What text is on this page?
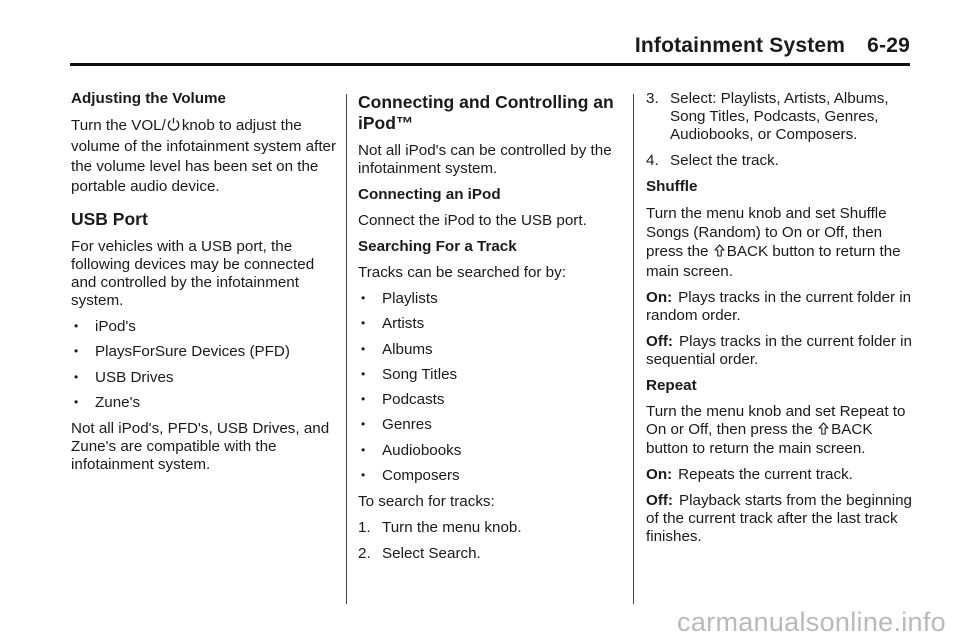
Infotainment System 6-29

Adjusting the Volume

Turn the VOL/ knob to adjust the volume of the infotainment system after the volume level has been set on the portable audio device.

USB Port

For vehicles with a USB port, the following devices may be connected and controlled by the infotainment system.

• iPod's
• PlaysForSure Devices (PFD)
• USB Drives
• Zune's

Not all iPod's, PFD's, USB Drives, and Zune's are compatible with the infotainment system.

Connecting and Controlling an iPod™

Not all iPod's can be controlled by the infotainment system.

Connecting an iPod

Connect the iPod to the USB port.

Searching For a Track

Tracks can be searched for by:

• Playlists
• Artists
• Albums
• Song Titles
• Podcasts
• Genres
• Audiobooks
• Composers

To search for tracks:

1. Turn the menu knob.
2. Select Search.
3. Select: Playlists, Artists, Albums, Song Titles, Podcasts, Genres, Audiobooks, or Composers.
4. Select the track.

Shuffle

Turn the menu knob and set Shuffle Songs (Random) to On or Off, then press the BACK button to return the main screen.

On: Plays tracks in the current folder in random order.

Off: Plays tracks in the current folder in sequential order.

Repeat

Turn the menu knob and set Repeat to On or Off, then press the BACK button to return the main screen.

On: Repeats the current track.

Off: Playback starts from the beginning of the current track after the last track finishes.

carmanualsonline.info
